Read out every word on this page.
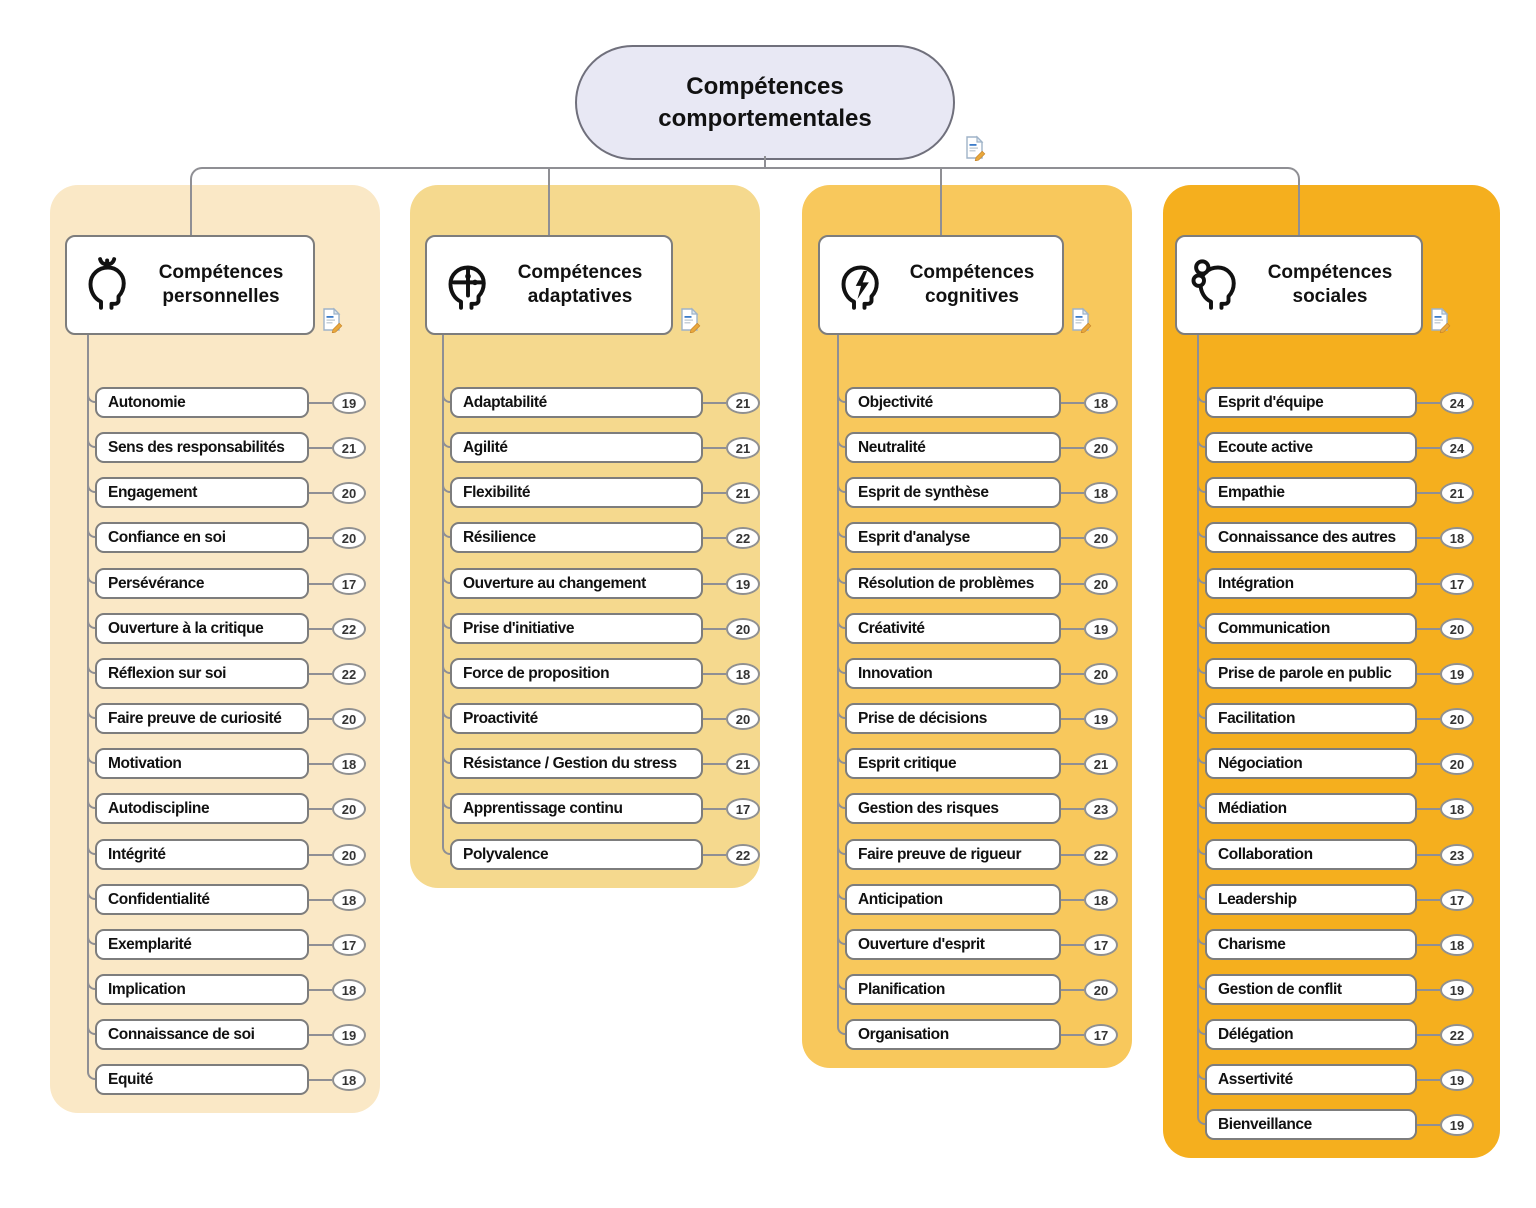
Compétences comportementales
Compétences personnelles
Autonomie	19
Sens des responsabilités	21
Engagement	20
Confiance en soi	20
Persévérance	17
Ouverture à la critique	22
Réflexion sur soi	22
Faire preuve de curiosité	20
Motivation	18
Autodiscipline	20
Intégrité	20
Confidentialité	18
Exemplarité	17
Implication	18
Connaissance de soi	19
Equité	18
Compétences adaptatives
Adaptabilité	21
Agilité	21
Flexibilité	21
Résilience	22
Ouverture au changement	19
Prise d'initiative	20
Force de proposition	18
Proactivité	20
Résistance / Gestion du stress	21
Apprentissage continu	17
Polyvalence	22
Compétences cognitives
Objectivité	18
Neutralité	20
Esprit de synthèse	18
Esprit d'analyse	20
Résolution de problèmes	20
Créativité	19
Innovation	20
Prise de décisions	19
Esprit critique	21
Gestion des risques	23
Faire preuve de rigueur	22
Anticipation	18
Ouverture d'esprit	17
Planification	20
Organisation	17
Compétences sociales
Esprit d'équipe	24
Ecoute active	24
Empathie	21
Connaissance des autres	18
Intégration	17
Communication	20
Prise de parole en public	19
Facilitation	20
Négociation	20
Médiation	18
Collaboration	23
Leadership	17
Charisme	18
Gestion de conflit	19
Délégation	22
Assertivité	19
Bienveillance	19
